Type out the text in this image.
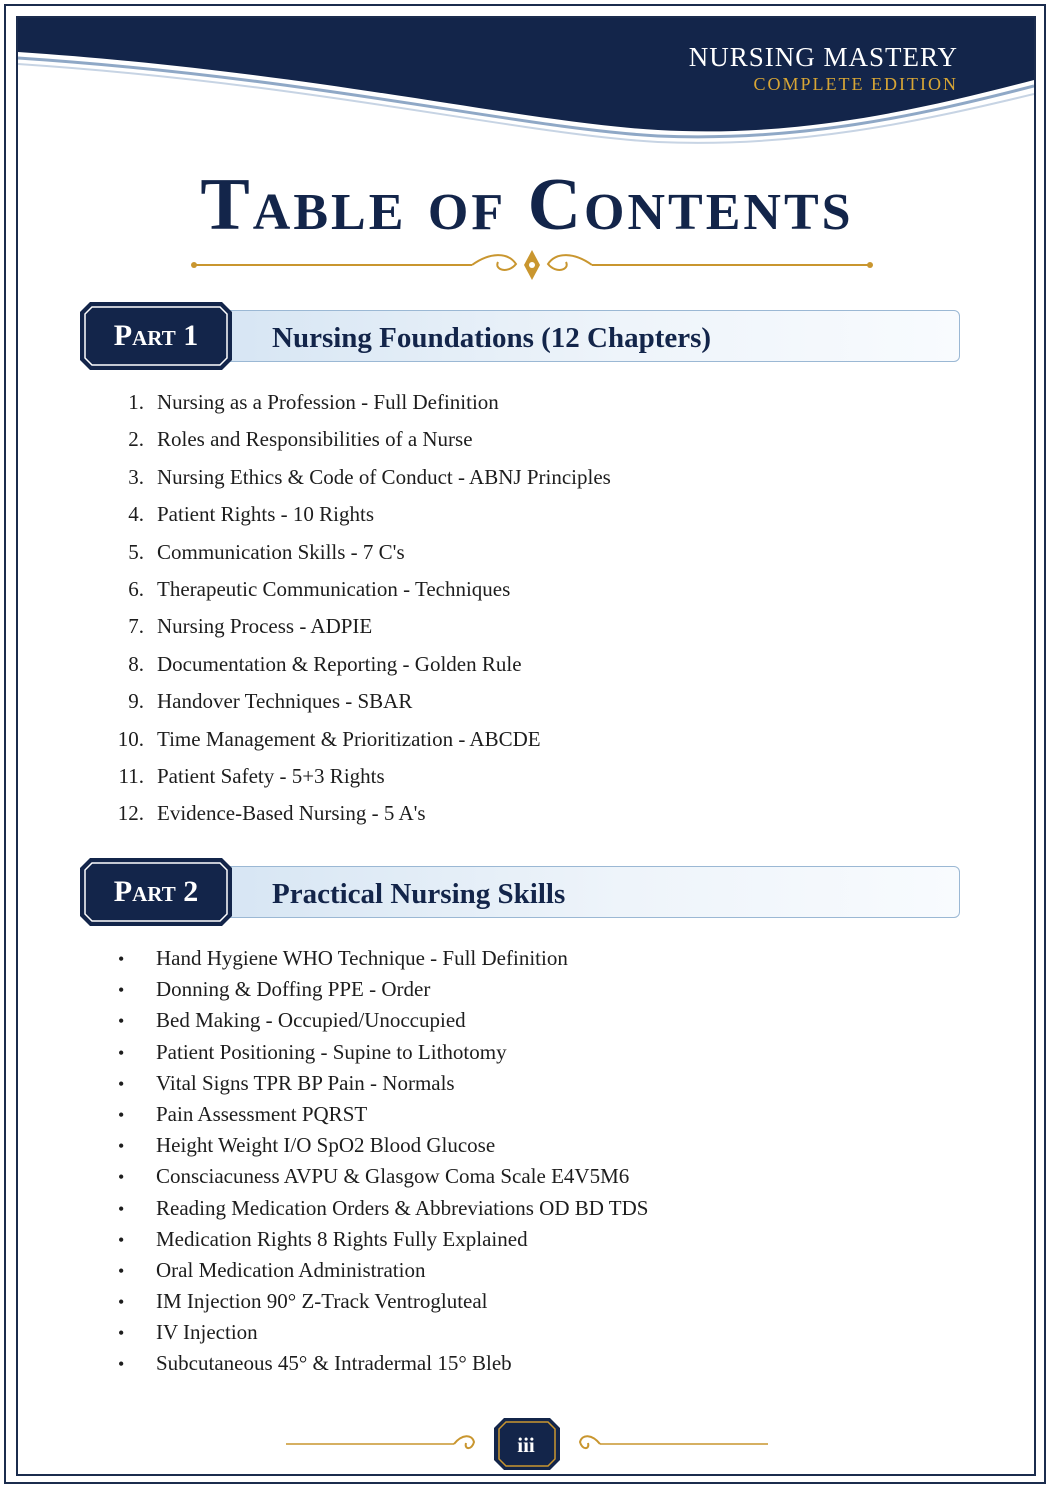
NURSING MASTERY
COMPLETE EDITION
Table of Contents
Nursing Foundations (12 Chapters)
Part 1
1. Nursing as a Profession - Full Definition
2. Roles and Responsibilities of a Nurse
3. Nursing Ethics & Code of Conduct - ABNJ Principles
4. Patient Rights - 10 Rights
5. Communication Skills - 7 C's
6. Therapeutic Communication - Techniques
7. Nursing Process - ADPIE
8. Documentation & Reporting - Golden Rule
9. Handover Techniques - SBAR
10. Time Management & Prioritization - ABCDE
11. Patient Safety - 5+3 Rights
12. Evidence-Based Nursing - 5 A's
Practical Nursing Skills
Part 2
• Hand Hygiene WHO Technique - Full Definition
• Donning & Doffing PPE - Order
• Bed Making - Occupied/Unoccupied
• Patient Positioning - Supine to Lithotomy
• Vital Signs TPR BP Pain - Normals
• Pain Assessment PQRST
• Height Weight I/O SpO2 Blood Glucose
• Consciacuness AVPU & Glasgow Coma Scale E4V5M6
• Reading Medication Orders & Abbreviations OD BD TDS
• Medication Rights 8 Rights Fully Explained
• Oral Medication Administration
• IM Injection 90° Z-Track Ventrogluteal
• IV Injection
• Subcutaneous 45° & Intradermal 15° Bleb
iii
